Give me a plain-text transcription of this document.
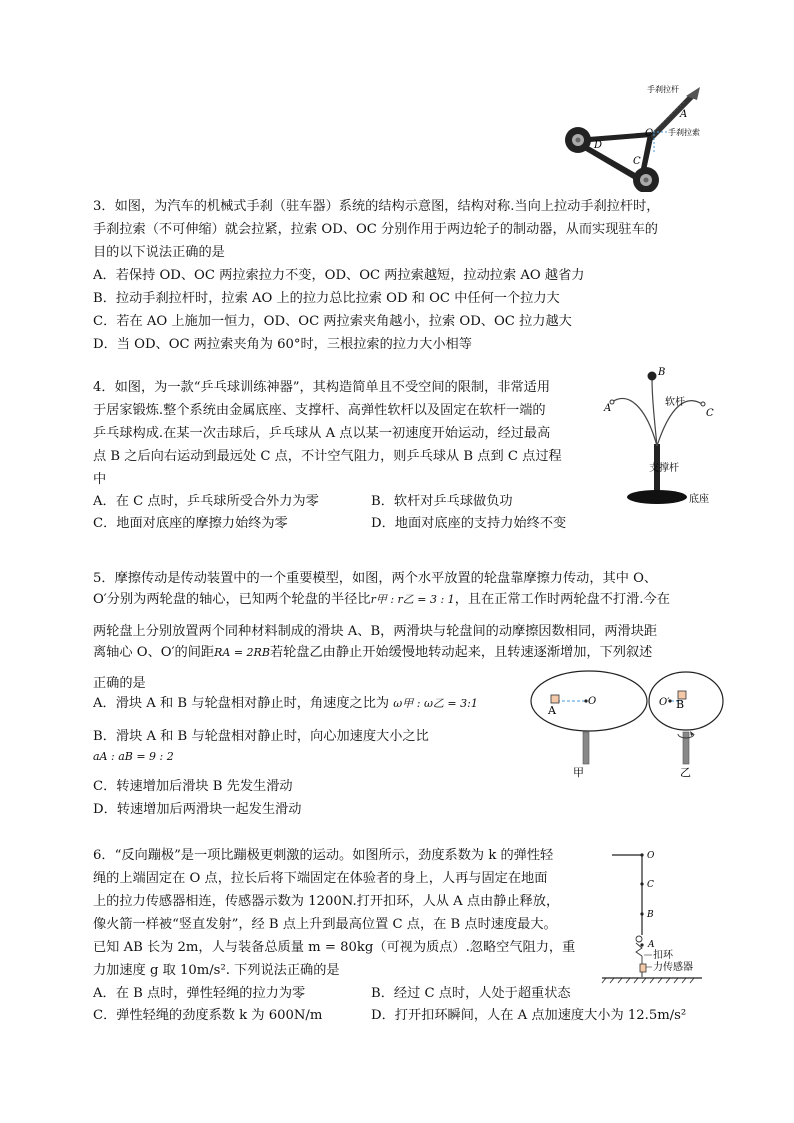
手刹拉杆
手刹拉索
A
O
D
C
3．如图，为汽车的机械式手刹（驻车器）系统的结构示意图，结构对称.当向上拉动手刹拉杆时，
手刹拉索（不可伸缩）就会拉紧，拉索 OD、OC 分别作用于两边轮子的制动器，从而实现驻车的
目的以下说法正确的是
A．若保持 OD、OC 两拉索拉力不变，OD、OC 两拉索越短，拉动拉索 AO 越省力
B．拉动手刹拉杆时，拉索 AO 上的拉力总比拉索 OD 和 OC 中任何一个拉力大
C．若在 AO 上施加一恒力，OD、OC 两拉索夹角越小，拉索 OD、OC 拉力越大
D．当 OD、OC 两拉索夹角为 60°时，三根拉索的拉力大小相等
B
A	C
软杆
支撑杆
底座
4．如图，为一款“乒乓球训练神器”，其构造简单且不受空间的限制，非常适用
于居家锻炼.整个系统由金属底座、支撑杆、高弹性软杆以及固定在软杆一端的
乒乓球构成.在某一次击球后，乒乓球从 A 点以某一初速度开始运动，经过最高
点 B 之后向右运动到最远处 C 点，不计空气阻力，则乒乓球从 B 点到 C 点过程
中
A．在 C 点时，乒乓球所受合外力为零	B．软杆对乒乓球做负功
C．地面对底座的摩擦力始终为零	D．地面对底座的支持力始终不变
5．摩擦传动是传动装置中的一个重要模型，如图，两个水平放置的轮盘靠摩擦力传动，其中 O、
O′分别为两轮盘的轴心，已知两个轮盘的半径比r甲 : r乙 = 3 : 1，且在正常工作时两轮盘不打滑.今在
两轮盘上分别放置两个同种材料制成的滑块 A、B，两滑块与轮盘间的动摩擦因数相同，两滑块距
离轴心 O、O′的间距RA = 2RB若轮盘乙由静止开始缓慢地转动起来，且转速逐渐增加，下列叙述
正确的是
A．滑块 A 和 B 与轮盘相对静止时，角速度之比为 ω甲 : ω乙 = 3:1
B．滑块 A 和 B 与轮盘相对静止时，向心加速度大小之比
aA : aB = 9 : 2
C．转速增加后滑块 B 先发生滑动
D．转速增加后两滑块一起发生滑动
A
O	O′ B
甲	乙
6．“反向蹦极”是一项比蹦极更刺激的运动。如图所示，劲度系数为 k 的弹性轻
绳的上端固定在 O 点，拉长后将下端固定在体验者的身上，人再与固定在地面
上的拉力传感器相连，传感器示数为 1200N.打开扣环，人从 A 点由静止释放，
像火箭一样被“竖直发射”，经 B 点上升到最高位置 C 点，在 B 点时速度最大。
已知 AB 长为 2m，人与装备总质量 m = 80kg（可视为质点）.忽略空气阻力，重
力加速度 g 取 10m/s². 下列说法正确的是
A．在 B 点时，弹性轻绳的拉力为零	B．经过 C 点时，人处于超重状态
C．弹性轻绳的劲度系数 k 为 600N/m	D．打开扣环瞬间，人在 A 点加速度大小为 12.5m/s²
O
C
B
A
扣环
力传感器
